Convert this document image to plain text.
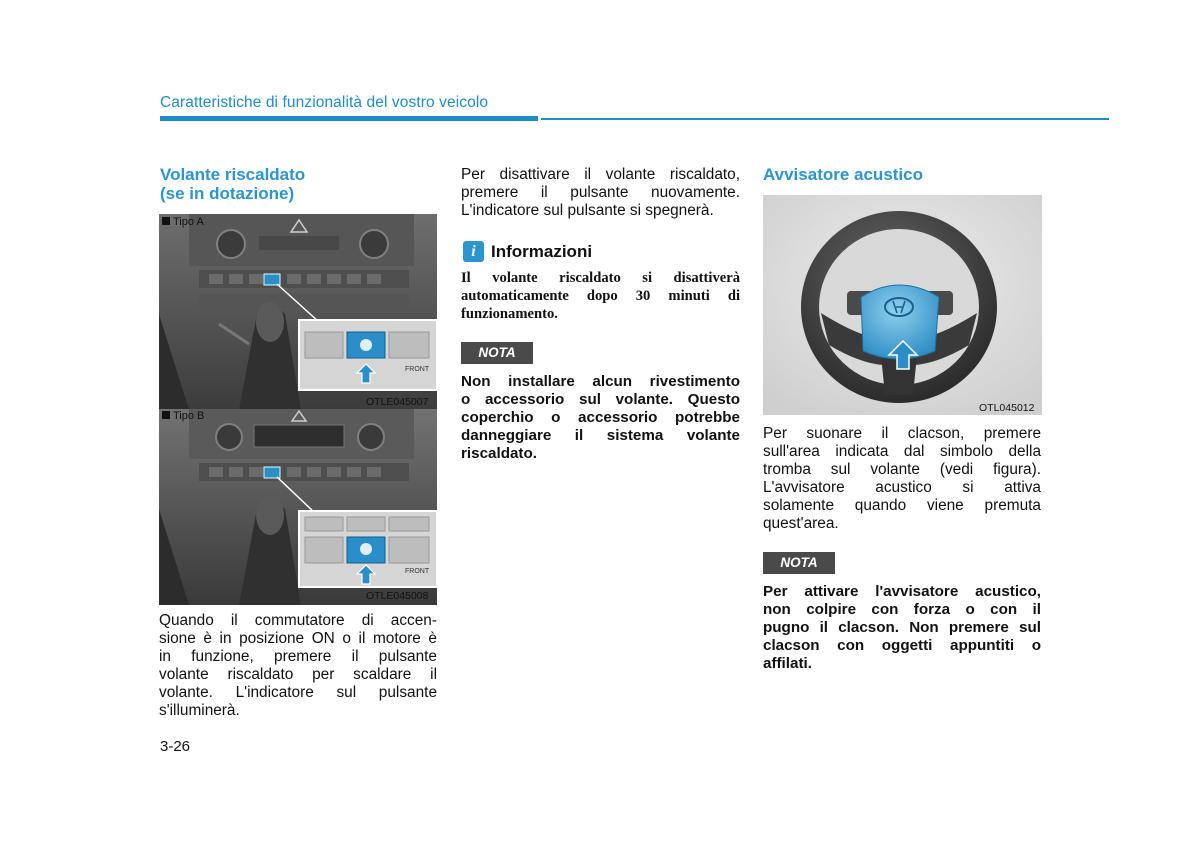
Caratteristiche di funzionalità del vostro veicolo
Volante riscaldato
(se in dotazione)
FRONT
Tipo A
OTLE045007
FRONT
Tipo B
OTLE045008
Quando il commutatore di accen-
sione è in posizione ON o il motore è
in funzione, premere il pulsante
volante riscaldato per scaldare il
volante. L'indicatore sul pulsante
s'illuminerà.
Per disattivare il volante riscaldato,
premere il pulsante nuovamente.
L'indicatore sul pulsante si spegnerà.
i Informazioni
Il volante riscaldato si disattiverà
automaticamente dopo 30 minuti di
funzionamento.
NOTA
Non installare alcun rivestimento
o accessorio sul volante. Questo
coperchio o accessorio potrebbe
danneggiare il sistema volante
riscaldato.
Avvisatore acustico
OTL045012
Per suonare il clacson, premere
sull'area indicata dal simbolo della
tromba sul volante (vedi figura).
L'avvisatore acustico si attiva
solamente quando viene premuta
quest'area.
NOTA
Per attivare l'avvisatore acustico,
non colpire con forza o con il
pugno il clacson. Non premere sul
clacson con oggetti appuntiti o
affilati.
3-26
